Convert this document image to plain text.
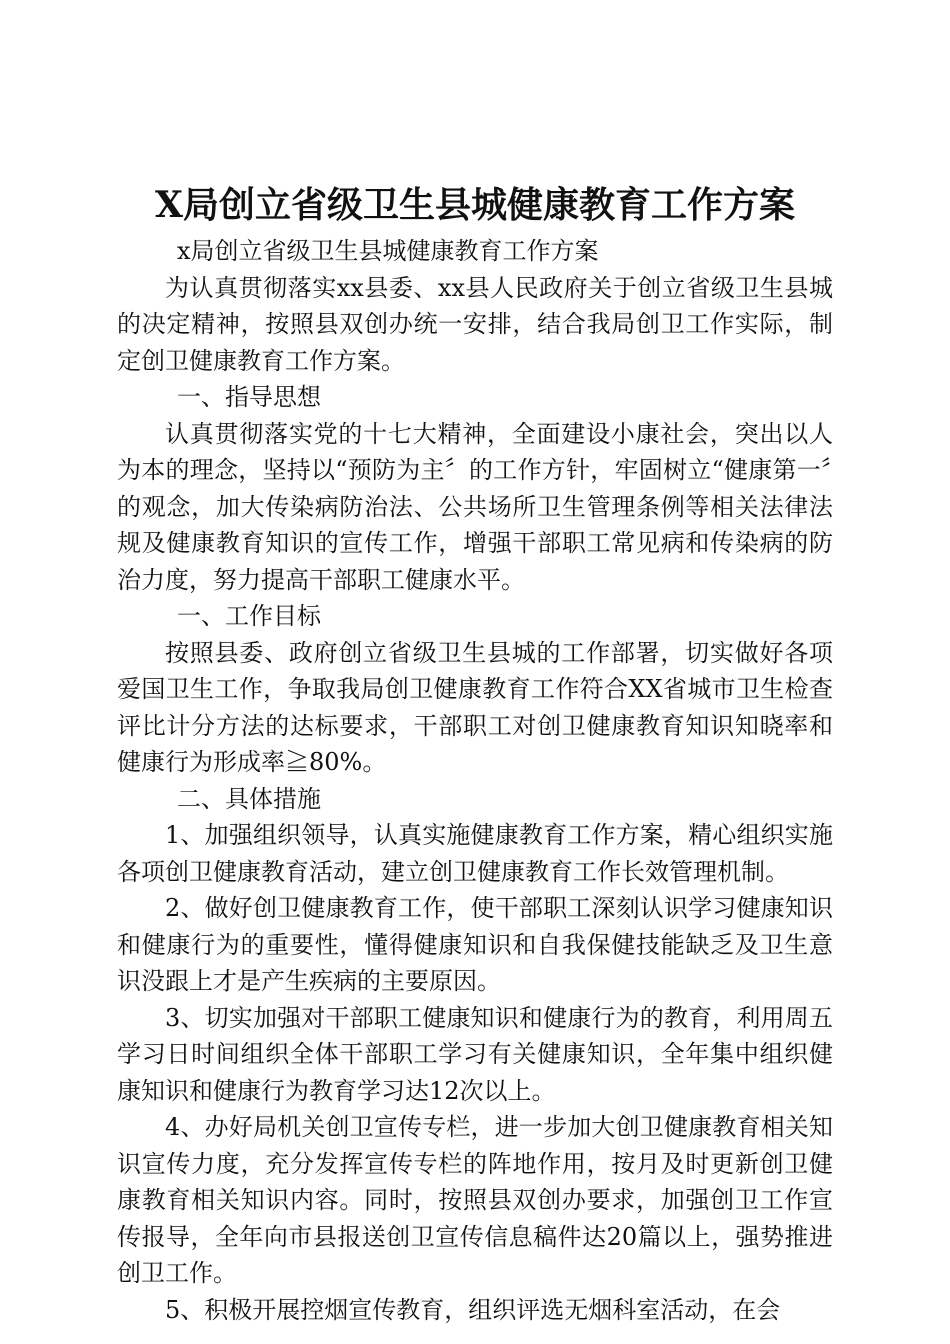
X局创立省级卫生县城健康教育工作方案

x局创立省级卫生县城健康教育工作方案

为认真贯彻落实xx县委、xx县人民政府关于创立省级卫生县城的决定精神，按照县双创办统一安排，结合我局创卫工作实际，制定创卫健康教育工作方案。

一、指导思想

认真贯彻落实党的十七大精神，全面建设小康社会，突出以人为本的理念，坚持以“预防为主〞的工作方针，牢固树立“健康第一〞的观念，加大传染病防治法、公共场所卫生管理条例等相关法律法规及健康教育知识的宣传工作，增强干部职工常见病和传染病的防治力度，努力提高干部职工健康水平。

一、工作目标

按照县委、政府创立省级卫生县城的工作部署，切实做好各项爱国卫生工作，争取我局创卫健康教育工作符合XX省城市卫生检查评比计分方法的达标要求，干部职工对创卫健康教育知识知晓率和健康行为形成率≧80%。

二、具体措施

1、加强组织领导，认真实施健康教育工作方案，精心组织实施各项创卫健康教育活动，建立创卫健康教育工作长效管理机制。

2、做好创卫健康教育工作，使干部职工深刻认识学习健康知识和健康行为的重要性，懂得健康知识和自我保健技能缺乏及卫生意识没跟上才是产生疾病的主要原因。

3、切实加强对干部职工健康知识和健康行为的教育，利用周五学习日时间组织全体干部职工学习有关健康知识，全年集中组织健康知识和健康行为教育学习达12次以上。

4、办好局机关创卫宣传专栏，进一步加大创卫健康教育相关知识宣传力度，充分发挥宣传专栏的阵地作用，按月及时更新创卫健康教育相关知识内容。同时，按照县双创办要求，加强创卫工作宣传报导，全年向市县报送创卫宣传信息稿件达20篇以上，强势推进创卫工作。

5、积极开展控烟宣传教育，组织评选无烟科室活动，在会
